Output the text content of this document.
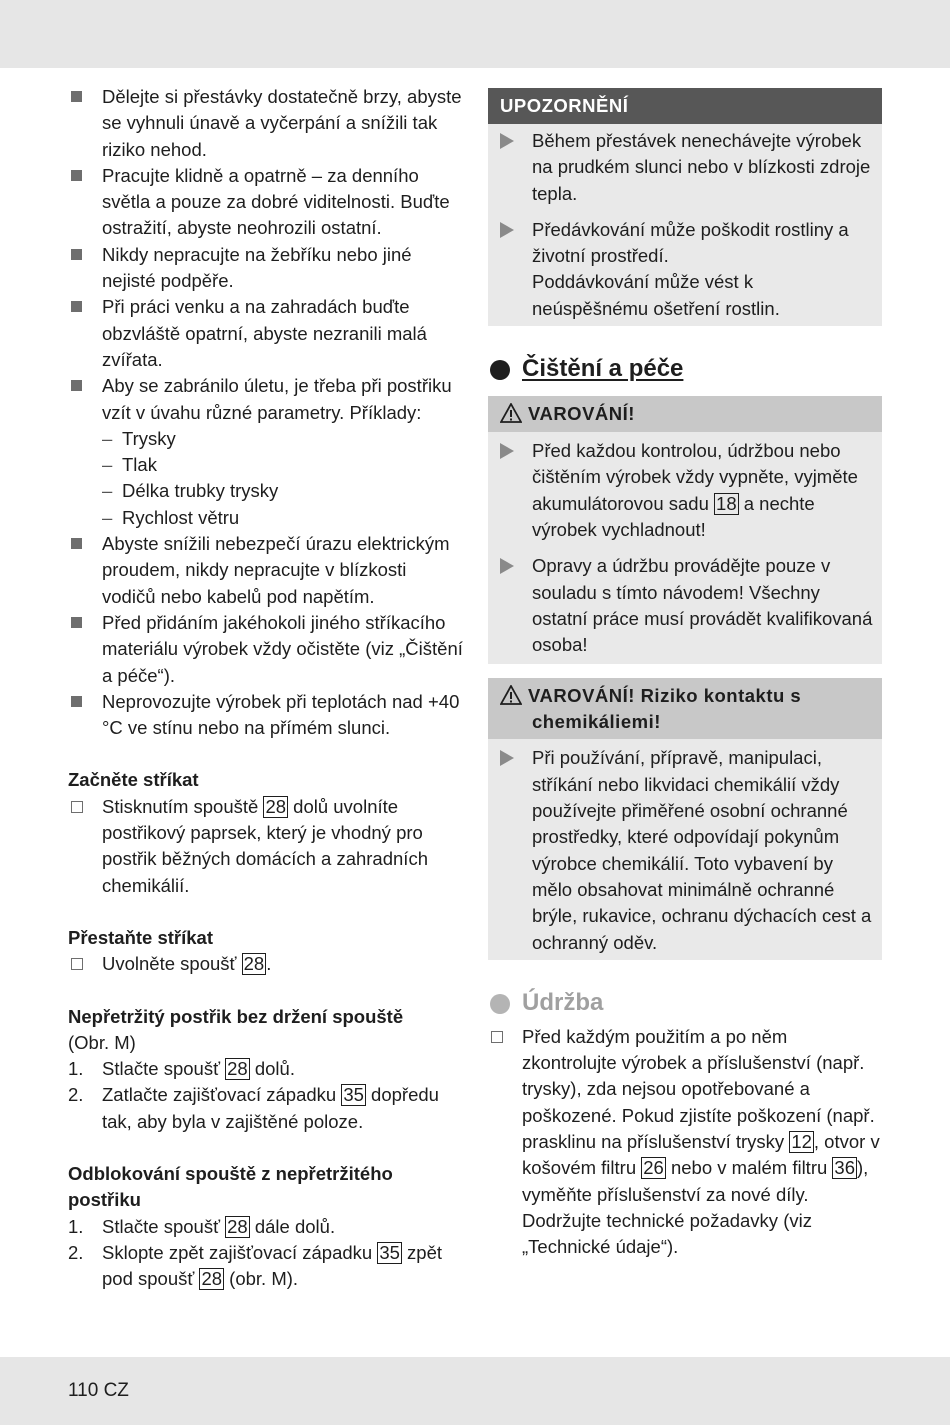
Dělejte si přestávky dostatečně brzy, abyste se vyhnuli únavě a vyčerpání a snížili tak riziko nehod.
Pracujte klidně a opatrně – za denního světla a pouze za dobré viditelnosti. Buďte ostražití, abyste neohrozili ostatní.
Nikdy nepracujte na žebříku nebo jiné nejisté podpěře.
Při práci venku a na zahradách buďte obzvláště opatrní, abyste nezranili malá zvířata.
Aby se zabránilo úletu, je třeba při postřiku vzít v úvahu různé parametry. Příklady:
– Trysky
– Tlak
– Délka trubky trysky
– Rychlost větru
Abyste snížili nebezpečí úrazu elektrickým proudem, nikdy nepracujte v blízkosti vodičů nebo kabelů pod napětím.
Před přidáním jakéhokoli jiného stříkacího materiálu výrobek vždy očistěte (viz „Čištění a péče“).
Neprovozujte výrobek při teplotách nad +40 °C ve stínu nebo na přímém slunci.
Začněte stříkat
Stisknutím spouště 28 dolů uvolníte postřikový paprsek, který je vhodný pro postřik běžných domácích a zahradních chemikálií.
Přestaňte stříkat
Uvolněte spoušť 28 .
Nepřetržitý postřik bez držení spouště
(Obr. M)
1.	Stlačte spoušť 28 dolů.
2.	Zatlačte zajišťovací západku 35 dopředu tak, aby byla v zajištěné poloze.
Odblokování spouště z nepřetržitého postřiku
1.	Stlačte spoušť 28 dále dolů.
2.	Sklopte zpět zajišťovací západku 35 zpět pod spoušť 28 (obr. M).
UPOZORNĚNÍ
Během přestávek nenechávejte výrobek na prudkém slunci nebo v blízkosti zdroje tepla.
Předávkování může poškodit rostliny a životní prostředí.
Poddávkování může vést k neúspěšnému ošetření rostlin.
Čištění a péče
VAROVÁNÍ!
Před každou kontrolou, údržbou nebo čištěním výrobek vždy vypněte, vyjměte akumulátorovou sadu 18 a nechte výrobek vychladnout!
Opravy a údržbu provádějte pouze v souladu s tímto návodem! Všechny ostatní práce musí provádět kvalifikovaná osoba!
VAROVÁNÍ! Riziko kontaktu s
chemikáliemi!
Při používání, přípravě, manipulaci, stříkání nebo likvidaci chemikálií vždy používejte přiměřené osobní ochranné prostředky, které odpovídají pokynům výrobce chemikálií. Toto vybavení by mělo obsahovat minimálně ochranné brýle, rukavice, ochranu dýchacích cest a ochranný oděv.
Údržba
Před každým použitím a po něm zkontrolujte výrobek a příslušenství (např. trysky), zda nejsou opotřebované a poškozené. Pokud zjistíte poškození (např. prasklinu na příslušenství trysky 12 , otvor v košovém filtru 26 nebo v malém filtru 36 ), vyměňte příslušenství za nové díly. Dodržujte technické požadavky (viz „Technické údaje“).
110 CZ
